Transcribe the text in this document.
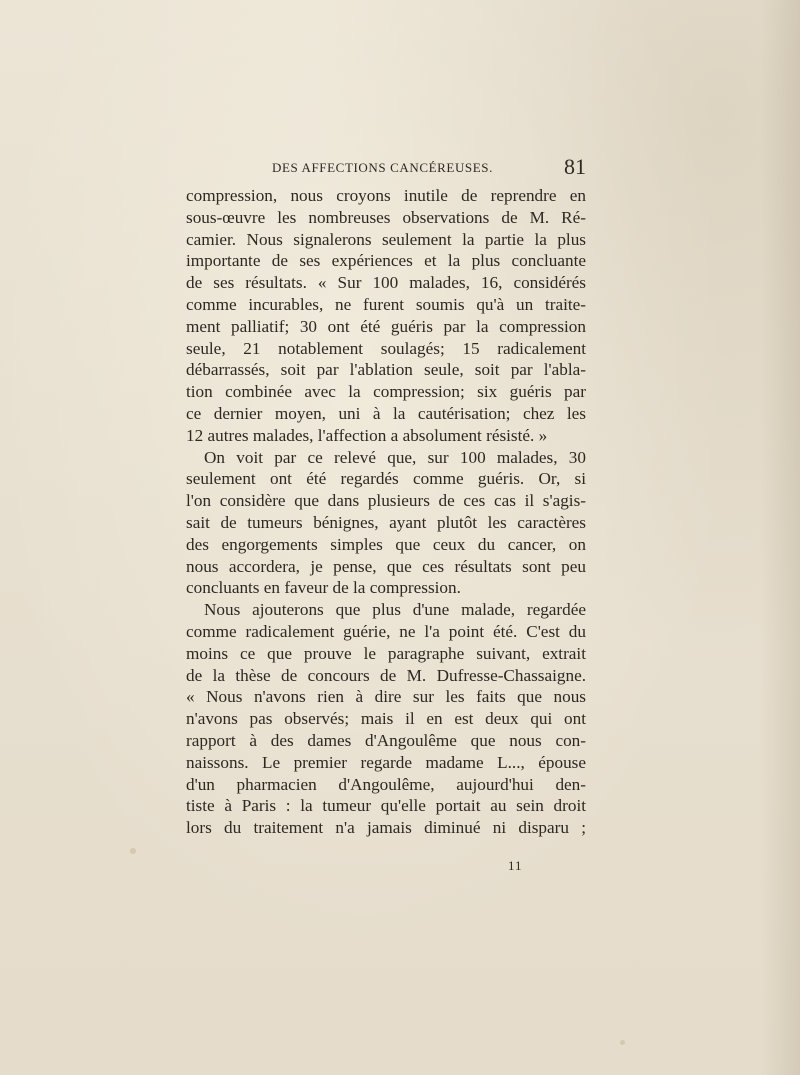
DES AFFECTIONS CANCÉREUSES.	81
compression, nous croyons inutile de reprendre en
sous-œuvre les nombreuses observations de M. Ré-
camier. Nous signalerons seulement la partie la plus
importante de ses expériences et la plus concluante
de ses résultats. « Sur 100 malades, 16, considérés
comme incurables, ne furent soumis qu'à un traite-
ment palliatif; 30 ont été guéris par la compression
seule, 21 notablement soulagés; 15 radicalement
débarrassés, soit par l'ablation seule, soit par l'abla-
tion combinée avec la compression; six guéris par
ce dernier moyen, uni à la cautérisation; chez les
12 autres malades, l'affection a absolument résisté. »
On voit par ce relevé que, sur 100 malades, 30
seulement ont été regardés comme guéris. Or, si
l'on considère que dans plusieurs de ces cas il s'agis-
sait de tumeurs bénignes, ayant plutôt les caractères
des engorgements simples que ceux du cancer, on
nous accordera, je pense, que ces résultats sont peu
concluants en faveur de la compression.
Nous ajouterons que plus d'une malade, regardée
comme radicalement guérie, ne l'a point été. C'est du
moins ce que prouve le paragraphe suivant, extrait
de la thèse de concours de M. Dufresse-Chassaigne.
« Nous n'avons rien à dire sur les faits que nous
n'avons pas observés; mais il en est deux qui ont
rapport à des dames d'Angoulême que nous con-
naissons. Le premier regarde madame L..., épouse
d'un pharmacien d'Angoulême, aujourd'hui den-
tiste à Paris : la tumeur qu'elle portait au sein droit
lors du traitement n'a jamais diminué ni disparu ;
11
